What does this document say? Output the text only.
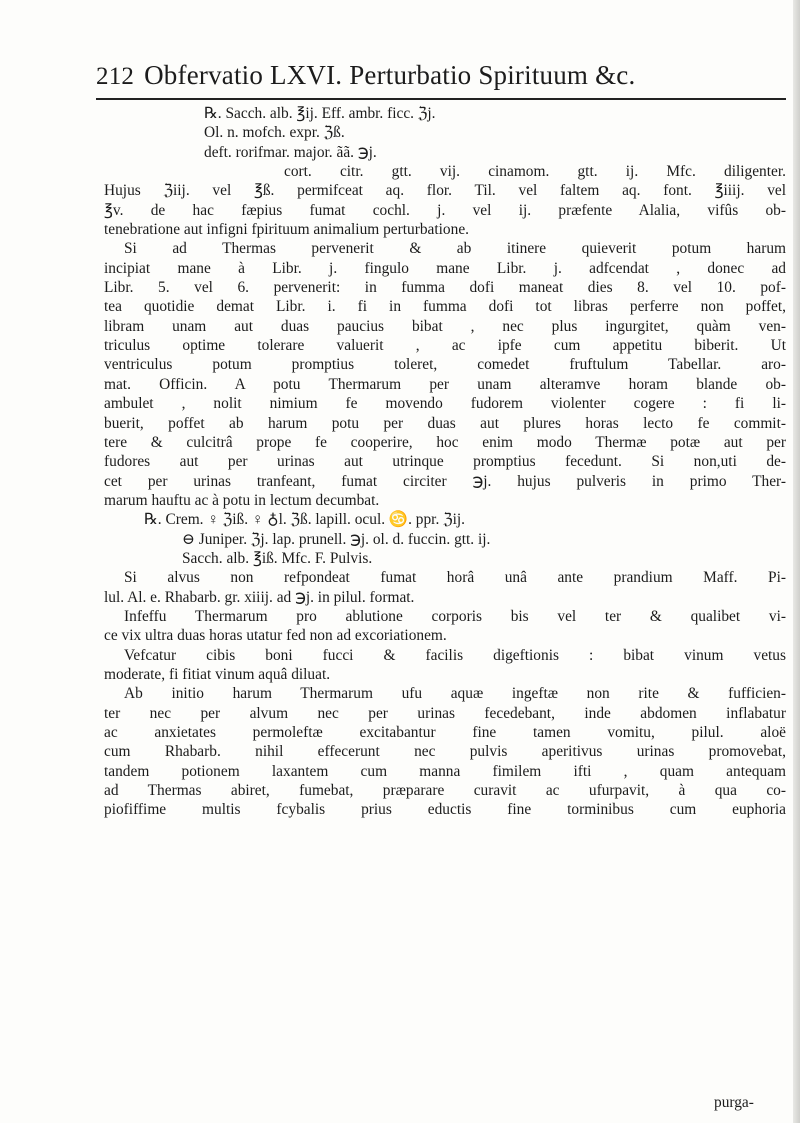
212 Obfervatio LXVI. Perturbatio Spirituum &c.
℞. Sacch. alb. ℥ij. Eff. ambr. ficc. ℨj.
Ol. n. mofch. expr. ℨß.
deft. rorifmar. major. ãã. ℈j.
cort. citr. gtt. vij. cinamom. gtt. ij. Mfc. diligenter.
Hujus ℨiij. vel ℥ß. permifceat aq. flor. Til. vel faltem aq. font. ℥iiij. vel
℥v. de hac fæpius fumat cochl. j. vel ij. præfente Alalia, vifûs ob-
tenebratione aut infigni fpirituum animalium perturbatione.
Si ad Thermas pervenerit & ab itinere quieverit potum harum
incipiat mane à Libr. j. fingulo mane Libr. j. adfcendat , donec ad
Libr. 5. vel 6. pervenerit: in fumma dofi maneat dies 8. vel 10. pof-
tea quotidie demat Libr. i. fi in fumma dofi tot libras perferre non poffet,
libram unam aut duas paucius bibat , nec plus ingurgitet, quàm ven-
triculus optime tolerare valuerit , ac ipfe cum appetitu biberit. Ut
ventriculus potum promptius toleret, comedet fruftulum Tabellar. aro-
mat. Officin. A potu Thermarum per unam alteramve horam blande ob-
ambulet , nolit nimium fe movendo fudorem violenter cogere : fi li-
buerit, poffet ab harum potu per duas aut plures horas lecto fe commit-
tere & culcitrâ prope fe cooperire, hoc enim modo Thermæ potæ aut per
fudores aut per urinas aut utrinque promptius fecedunt. Si non,uti de-
cet per urinas tranfeant, fumat circiter ℈j. hujus pulveris in primo Ther-
marum hauftu ac à potu in lectum decumbat.
℞. Crem. ♀ ℨiß. ♀ ♁l. ℨß. lapill. ocul. ♋. ppr. ℨij.
⊖ Juniper. ℨj. lap. prunell. ℈j. ol. d. fuccin. gtt. ij.
Sacch. alb. ℥iß. Mfc. F. Pulvis.
Si alvus non refpondeat fumat horâ unâ ante prandium Maff. Pi-
lul. Al. e. Rhabarb. gr. xiiij. ad ℈j. in pilul. format.
Infeffu Thermarum pro ablutione corporis bis vel ter & qualibet vi-
ce vix ultra duas horas utatur fed non ad excoriationem.
Vefcatur cibis boni fucci & facilis digeftionis : bibat vinum vetus
moderate, fi fitiat vinum aquâ diluat.
Ab initio harum Thermarum ufu aquæ ingeftæ non rite & fufficien-
ter nec per alvum nec per urinas fecedebant, inde abdomen inflabatur
ac anxietates permoleftæ excitabantur fine tamen vomitu, pilul. aloë
cum Rhabarb. nihil effecerunt nec pulvis aperitivus urinas promovebat,
tandem potionem laxantem cum manna fimilem ifti , quam antequam
ad Thermas abiret, fumebat, præparare curavit ac ufurpavit, à qua co-
piofiffime multis fcybalis prius eductis fine torminibus cum euphoria
purga-
